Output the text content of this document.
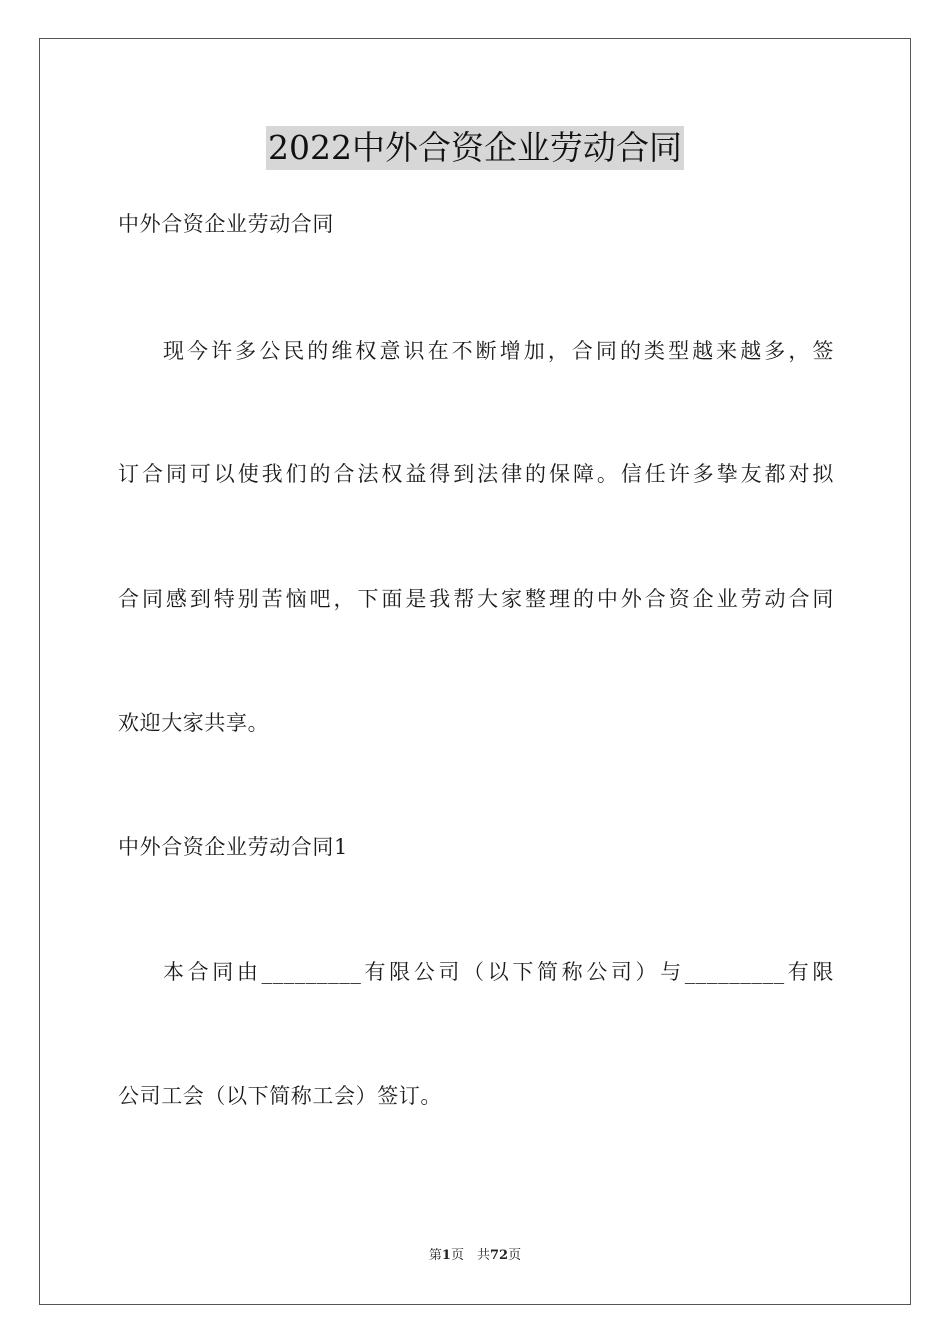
2022中外合资企业劳动合同
中外合资企业劳动合同
现今许多公民的维权意识在不断增加，合同的类型越来越多，签
订合同可以使我们的合法权益得到法律的保障。信任许多挚友都对拟
合同感到特别苦恼吧，下面是我帮大家整理的中外合资企业劳动合同
欢迎大家共享。
中外合资企业劳动合同1
本合同由_________有限公司（以下简称公司）与_________有限
公司工会（以下简称工会）签订。
第1页　共72页
